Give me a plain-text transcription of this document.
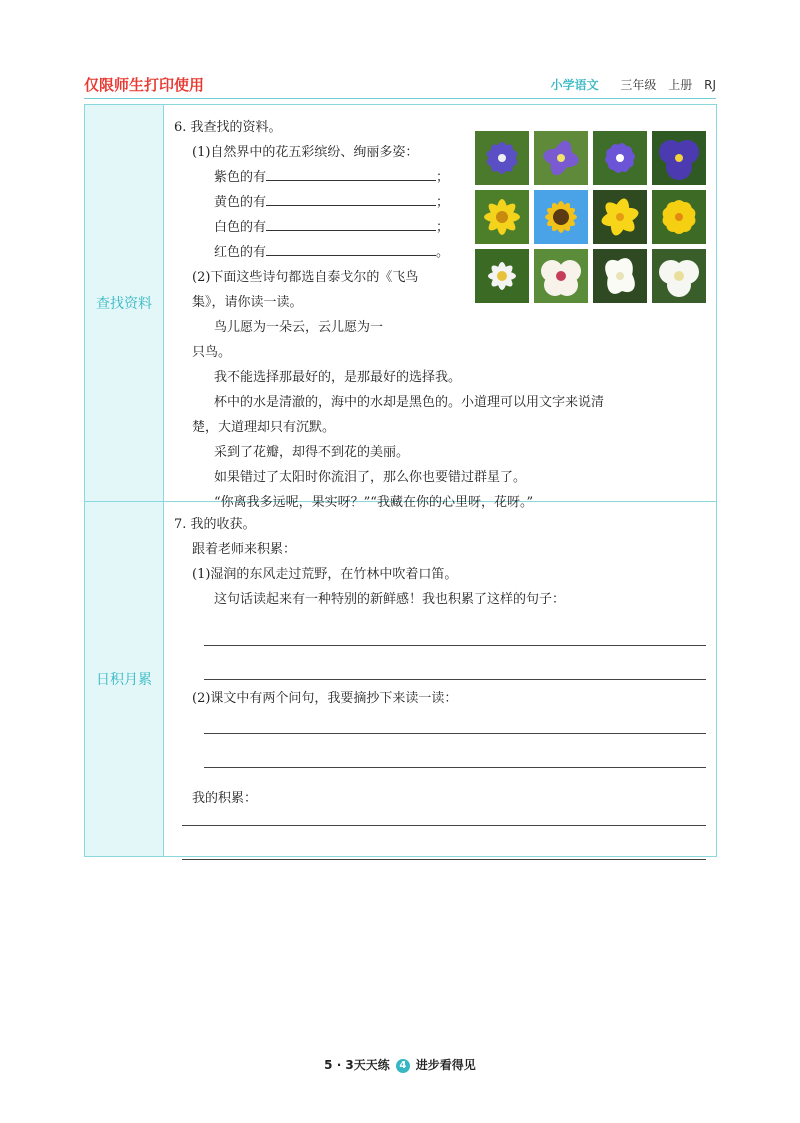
仅限师生打印使用	小学语文 三年级 上册 RJ
查找资料

6. 我查找的资料。

(1)自然界中的花五彩缤纷、绚丽多姿：

紫色的有	；

黄色的有	；

白色的有	；

红色的有	。

(2)下面这些诗句都选自泰戈尔的《飞鸟

集》，请你读一读。

鸟儿愿为一朵云，云儿愿为一

只鸟。

我不能选择那最好的，是那最好的选择我。

杯中的水是清澈的，海中的水却是黑色的。小道理可以用文字来说清

楚，大道理却只有沉默。

采到了花瓣，却得不到花的美丽。

如果错过了太阳时你流泪了，那么你也要错过群星了。

“你离我多远呢，果实呀？”“我藏在你的心里呀，花呀。”

日积月累

7. 我的收获。

跟着老师来积累：

(1)湿润的东风走过荒野，在竹林中吹着口笛。

这句话读起来有一种特别的新鲜感！我也积累了这样的句子：

(2)课文中有两个问句，我要摘抄下来读一读：

我的积累：

5 · 3天天练 4 进步看得见
